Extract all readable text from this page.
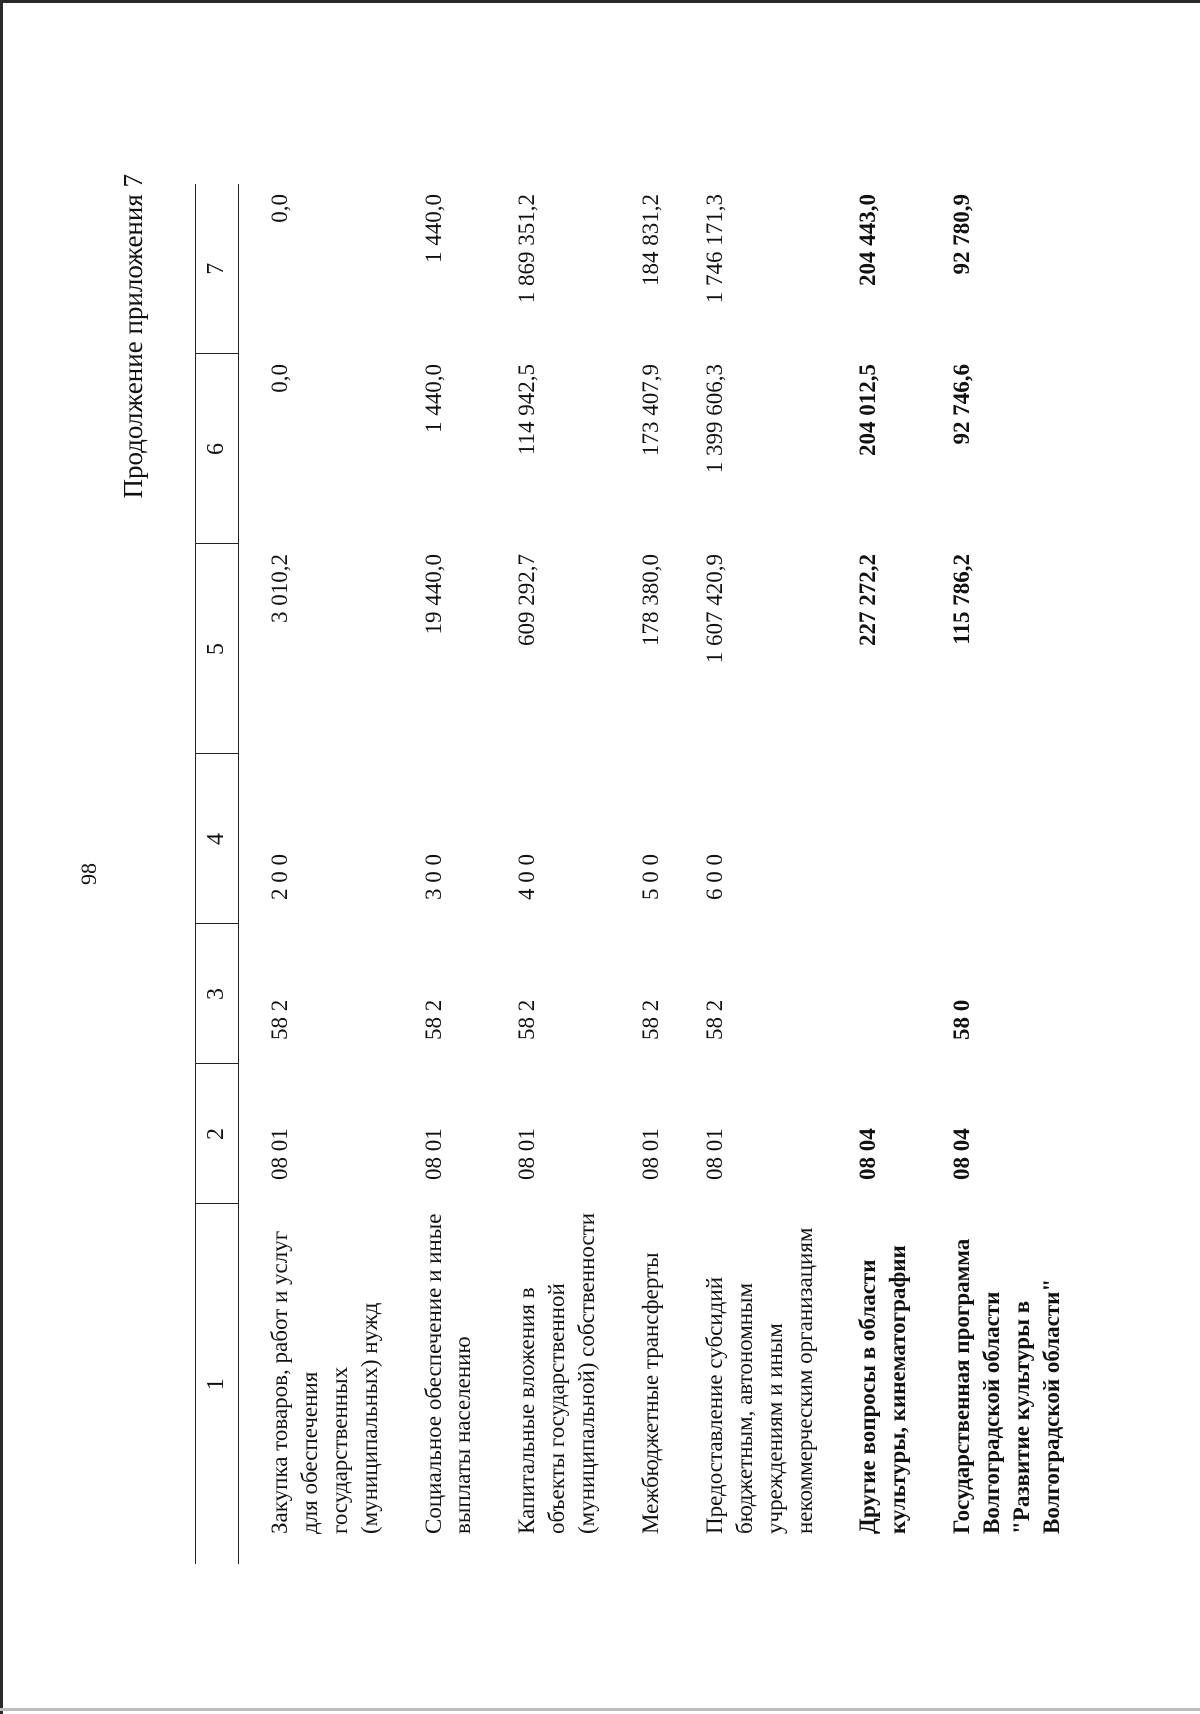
98
Продолжение приложения 7
1	2	3	4	5	6	7
Закупка товаров, работ и услуг для обеспечения государственных (муниципальных) нужд	08 01	58 2	2 0 0	3 010,2	0,0	0,0
Социальное обеспечение и иные выплаты населению	08 01	58 2	3 0 0	19 440,0	1 440,0	1 440,0
Капитальные вложения в объекты государственной (муниципальной) собственности	08 01	58 2	4 0 0	609 292,7	114 942,5	1 869 351,2
Межбюджетные трансферты	08 01	58 2	5 0 0	178 380,0	173 407,9	184 831,2
Предоставление субсидий бюджетным, автономным учреждениям и иным некоммерческим организациям	08 01	58 2	6 0 0	1 607 420,9	1 399 606,3	1 746 171,3
Другие вопросы в области культуры, кинематографии	08 04			227 272,2	204 012,5	204 443,0
Государственная программа Волгоградской области "Развитие культуры в Волгоградской области"	08 04	58 0		115 786,2	92 746,6	92 780,9
